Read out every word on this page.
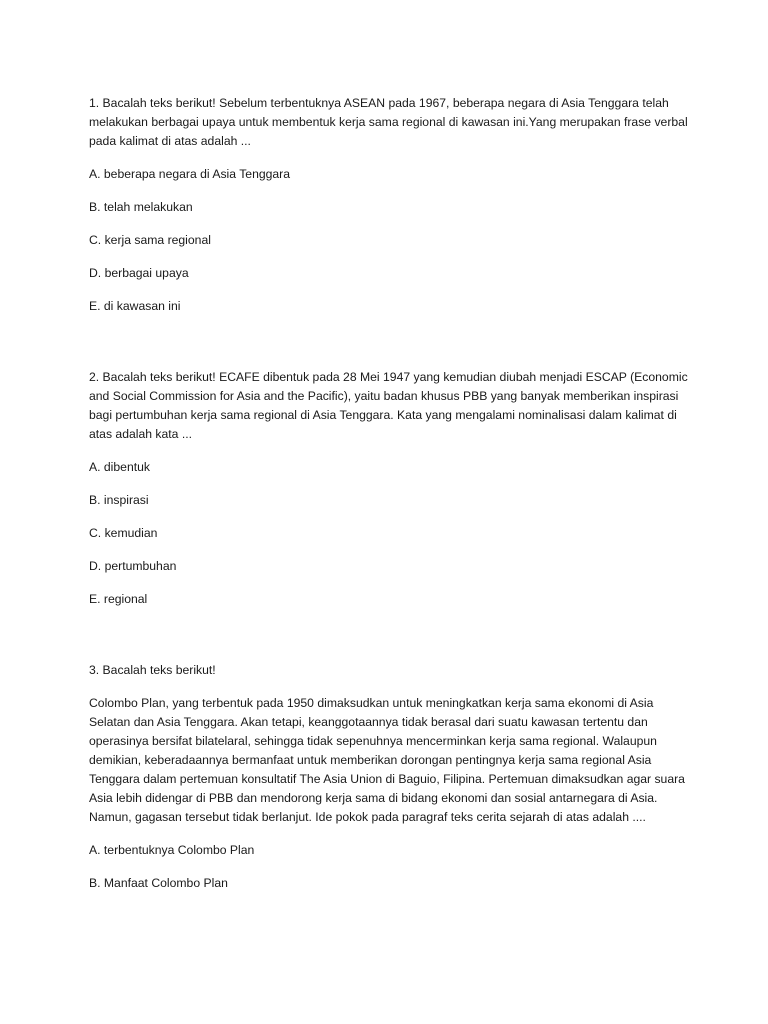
1. Bacalah teks berikut! Sebelum terbentuknya ASEAN pada 1967, beberapa negara di Asia Tenggara telah melakukan berbagai upaya untuk membentuk kerja sama regional di kawasan ini.Yang merupakan frase verbal pada kalimat di atas adalah ...

A. beberapa negara di Asia Tenggara

B. telah melakukan

C. kerja sama regional

D. berbagai upaya

E. di kawasan ini

2. Bacalah teks berikut! ECAFE dibentuk pada 28 Mei 1947 yang kemudian diubah menjadi ESCAP (Economic and Social Commission for Asia and the Pacific), yaitu badan khusus PBB yang banyak memberikan inspirasi bagi pertumbuhan kerja sama regional di Asia Tenggara. Kata yang mengalami nominalisasi dalam kalimat di atas adalah kata ...

A. dibentuk

B. inspirasi

C. kemudian

D. pertumbuhan

E. regional

3. Bacalah teks berikut!

Colombo Plan, yang terbentuk pada 1950 dimaksudkan untuk meningkatkan kerja sama ekonomi di Asia Selatan dan Asia Tenggara. Akan tetapi, keanggotaannya tidak berasal dari suatu kawasan tertentu dan operasinya bersifat bilatelaral, sehingga tidak sepenuhnya mencerminkan kerja sama regional. Walaupun demikian, keberadaannya bermanfaat untuk memberikan dorongan pentingnya kerja sama regional Asia Tenggara dalam pertemuan konsultatif The Asia Union di Baguio, Filipina. Pertemuan dimaksudkan agar suara Asia lebih didengar di PBB dan mendorong kerja sama di bidang ekonomi dan sosial antarnegara di Asia. Namun, gagasan tersebut tidak berlanjut. Ide pokok pada paragraf teks cerita sejarah di atas adalah ....

A. terbentuknya Colombo Plan

B. Manfaat Colombo Plan
